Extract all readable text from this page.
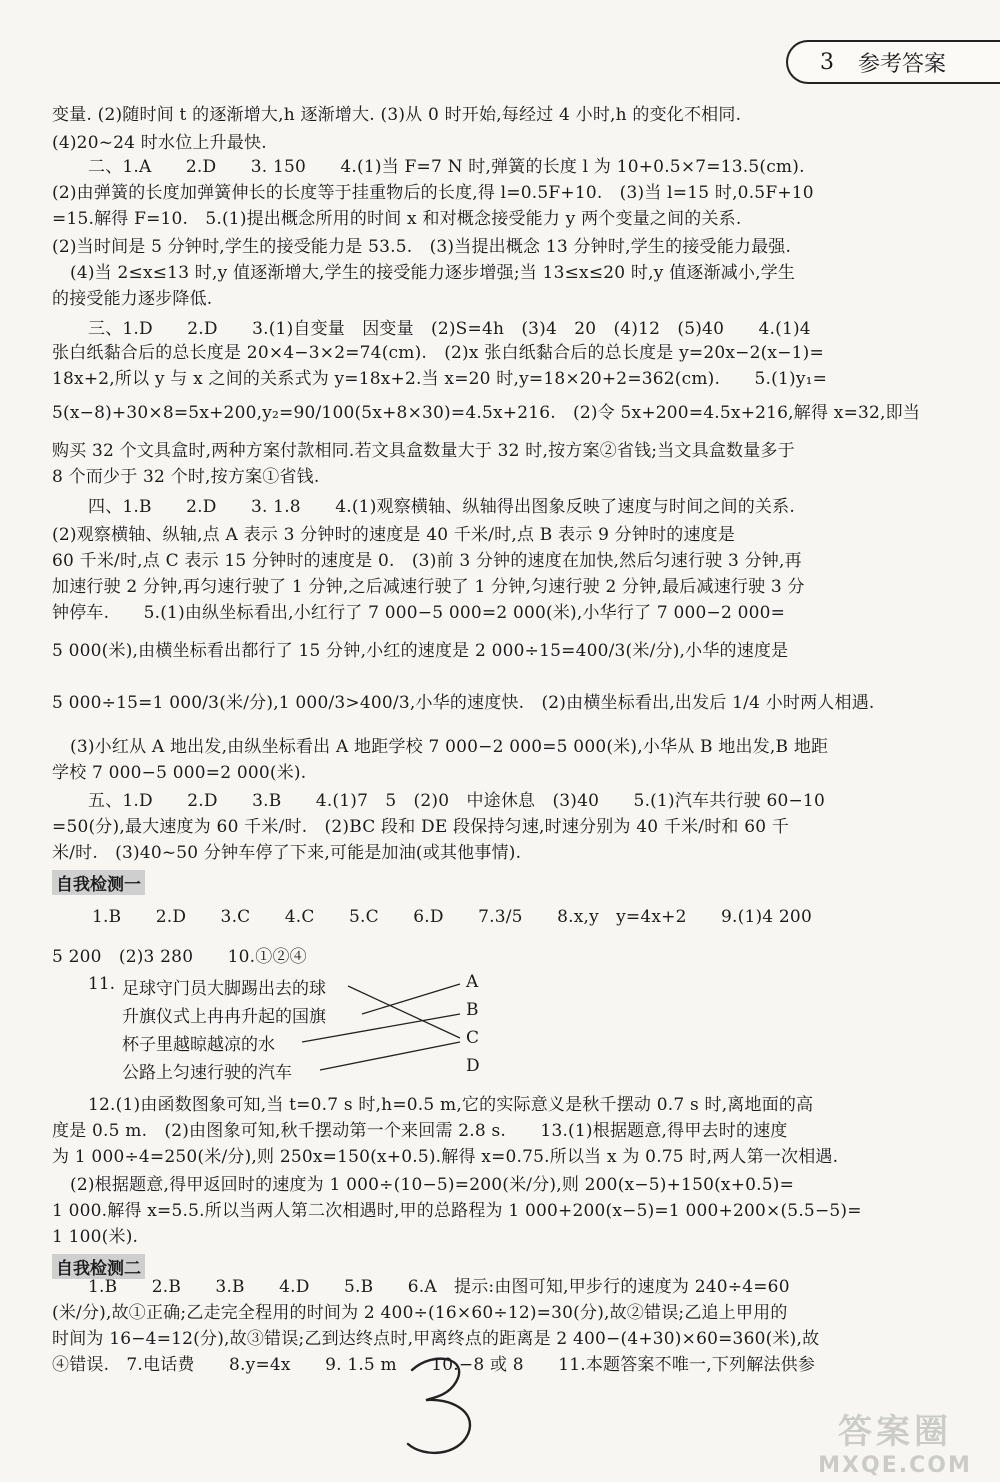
3 参考答案
变量. (2)随时间 t 的逐渐增大,h 逐渐增大. (3)从 0 时开始,每经过 4 小时,h 的变化不相同.
(4)20~24 时水位上升最快.
二、1.A　　2.D　　3. 150　　4.(1)当 F=7 N 时,弹簧的长度 l 为 10+0.5×7=13.5(cm).
(2)由弹簧的长度加弹簧伸长的长度等于挂重物后的长度,得 l=0.5F+10.　(3)当 l=15 时,0.5F+10
=15.解得 F=10.　5.(1)提出概念所用的时间 x 和对概念接受能力 y 两个变量之间的关系.
(2)当时间是 5 分钟时,学生的接受能力是 53.5.　(3)当提出概念 13 分钟时,学生的接受能力最强.
(4)当 2≤x≤13 时,y 值逐渐增大,学生的接受能力逐步增强;当 13≤x≤20 时,y 值逐渐减小,学生
的接受能力逐步降低.
三、1.D　　2.D　　3.(1)自变量　因变量　(2)S=4h　(3)4　20　(4)12　(5)40　　4.(1)4
张白纸黏合后的总长度是 20×4−3×2=74(cm).　(2)x 张白纸黏合后的总长度是 y=20x−2(x−1)=
18x+2,所以 y 与 x 之间的关系式为 y=18x+2.当 x=20 时,y=18×20+2=362(cm).　　5.(1)y₁=
5(x−8)+30×8=5x+200,y₂=90/100(5x+8×30)=4.5x+216.　(2)令 5x+200=4.5x+216,解得 x=32,即当
购买 32 个文具盒时,两种方案付款相同.若文具盒数量大于 32 时,按方案②省钱;当文具盒数量多于
8 个而少于 32 个时,按方案①省钱.
四、1.B　　2.D　　3. 1.8　　4.(1)观察横轴、纵轴得出图象反映了速度与时间之间的关系.
(2)观察横轴、纵轴,点 A 表示 3 分钟时的速度是 40 千米/时,点 B 表示 9 分钟时的速度是
60 千米/时,点 C 表示 15 分钟时的速度是 0.　(3)前 3 分钟的速度在加快,然后匀速行驶 3 分钟,再
加速行驶 2 分钟,再匀速行驶了 1 分钟,之后减速行驶了 1 分钟,匀速行驶 2 分钟,最后减速行驶 3 分
钟停车.　　5.(1)由纵坐标看出,小红行了 7 000−5 000=2 000(米),小华行了 7 000−2 000=
5 000(米),由横坐标看出都行了 15 分钟,小红的速度是 2 000÷15=400/3(米/分),小华的速度是
5 000÷15=1 000/3(米/分),1 000/3>400/3,小华的速度快.　(2)由横坐标看出,出发后 1/4 小时两人相遇.
(3)小红从 A 地出发,由纵坐标看出 A 地距学校 7 000−2 000=5 000(米),小华从 B 地出发,B 地距
学校 7 000−5 000=2 000(米).
五、1.D　　2.D　　3.B　　4.(1)7　5　(2)0　中途休息　(3)40　　5.(1)汽车共行驶 60−10
=50(分),最大速度为 60 千米/时.　(2)BC 段和 DE 段保持匀速,时速分别为 40 千米/时和 60 千
米/时.　(3)40~50 分钟车停了下来,可能是加油(或其他事情).
自我检测一
1.B　　2.D　　3.C　　4.C　　5.C　　6.D　　7.3/5　　8.x,y　y=4x+2　　9.(1)4 200
5 200　(2)3 280　　10.①②④
11. 足球守门员大脚踢出去的球
升旗仪式上冉冉升起的国旗
杯子里越晾越凉的水
公路上匀速行驶的汽车
A
B
C
D
12.(1)由函数图象可知,当 t=0.7 s 时,h=0.5 m,它的实际意义是秋千摆动 0.7 s 时,离地面的高
度是 0.5 m.　(2)由图象可知,秋千摆动第一个来回需 2.8 s.　　13.(1)根据题意,得甲去时的速度
为 1 000÷4=250(米/分),则 250x=150(x+0.5).解得 x=0.75.所以当 x 为 0.75 时,两人第一次相遇.
(2)根据题意,得甲返回时的速度为 1 000÷(10−5)=200(米/分),则 200(x−5)+150(x+0.5)=
1 000.解得 x=5.5.所以当两人第二次相遇时,甲的总路程为 1 000+200(x−5)=1 000+200×(5.5−5)=
1 100(米).
自我检测二
1.B　　2.B　　3.B　　4.D　　5.B　　6.A　提示:由图可知,甲步行的速度为 240÷4=60
(米/分),故①正确;乙走完全程用的时间为 2 400÷(16×60÷12)=30(分),故②错误;乙追上甲用的
时间为 16−4=12(分),故③错误;乙到达终点时,甲离终点的距离是 2 400−(4+30)×60=360(米),故
④错误.　7.电话费　　8.y=4x　　9. 1.5 m　　10.−8 或 8　　11.本题答案不唯一,下列解法供参
答案圈
MXQE.COM
